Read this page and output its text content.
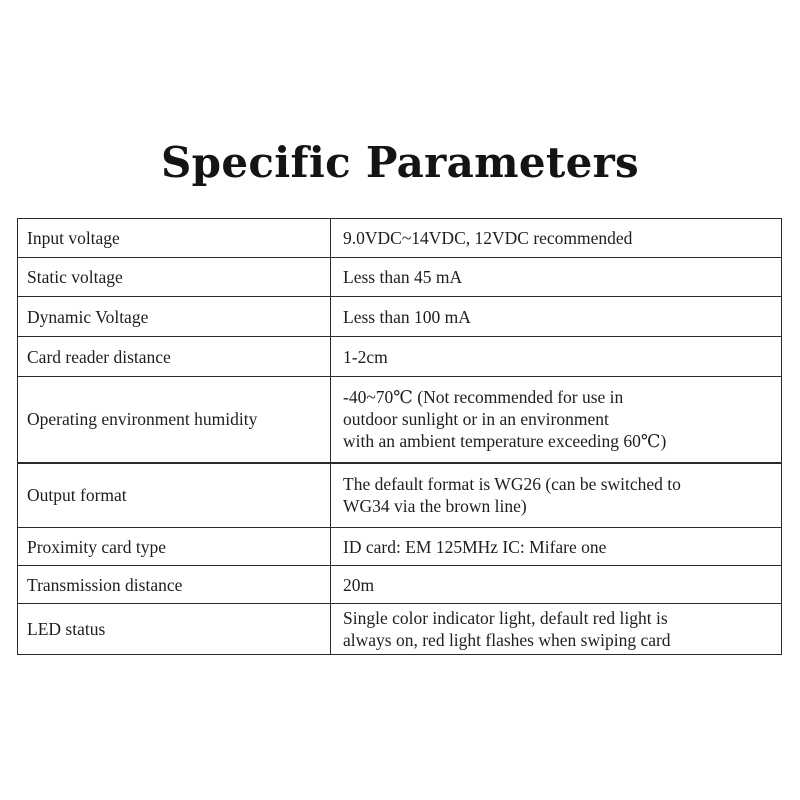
Specific Parameters
Input voltage	9.0VDC~14VDC, 12VDC recommended

Static voltage	Less than 45 mA

Dynamic Voltage	Less than 100 mA

Card reader distance	1-2cm

Operating environment humidity	-40~70℃ (Not recommended for use in
outdoor sunlight or in an environment
with an ambient temperature exceeding 60℃)

Output format	The default format is WG26 (can be switched to
WG34 via the brown line)

Proximity card type	ID card: EM 125MHz IC: Mifare one

Transmission distance	20m

LED status	Single color indicator light, default red light is
always on, red light flashes when swiping card
